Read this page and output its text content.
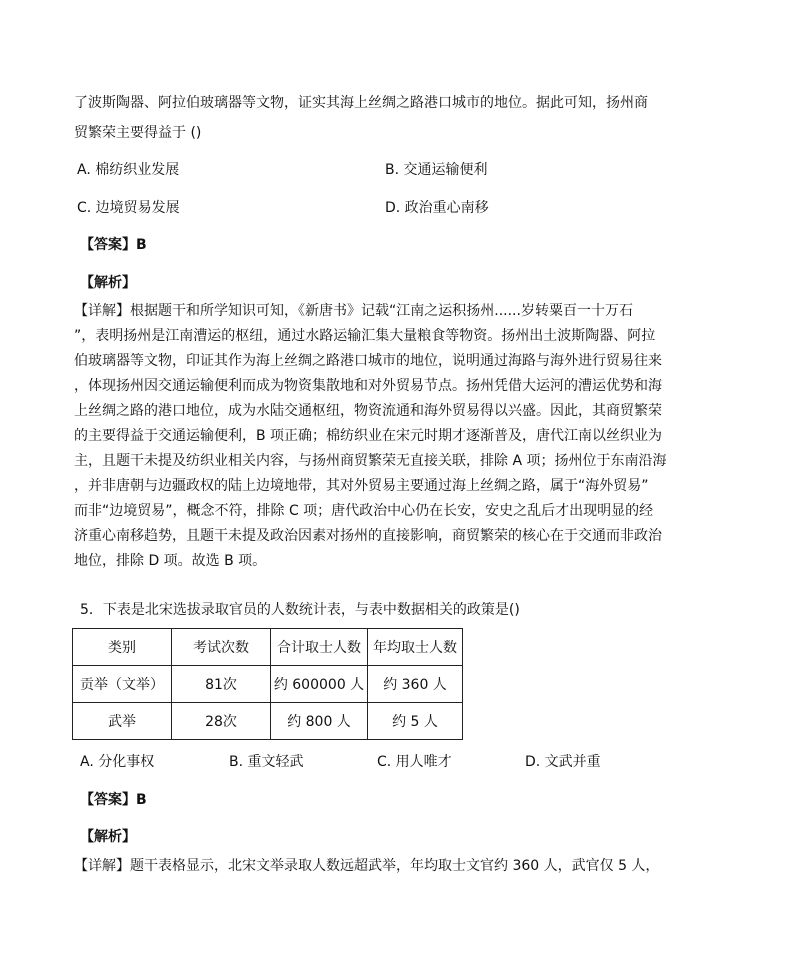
了波斯陶器、阿拉伯玻璃器等文物，证实其海上丝绸之路港口城市的地位。据此可知，扬州商
贸繁荣主要得益于 ()
A. 棉纺织业发展	B. 交通运输便利
C. 边境贸易发展	D. 政治重心南移
【答案】B
【解析】
【详解】根据题干和所学知识可知，《新唐书》记载“江南之运积扬州......岁转粟百一十万石
”，表明扬州是江南漕运的枢纽，通过水路运输汇集大量粮食等物资。扬州出土波斯陶器、阿拉
伯玻璃器等文物，印证其作为海上丝绸之路港口城市的地位，说明通过海路与海外进行贸易往来
，体现扬州因交通运输便利而成为物资集散地和对外贸易节点。扬州凭借大运河的漕运优势和海
上丝绸之路的港口地位，成为水陆交通枢纽，物资流通和海外贸易得以兴盛。因此，其商贸繁荣
的主要得益于交通运输便利，B 项正确；棉纺织业在宋元时期才逐渐普及，唐代江南以丝织业为
主，且题干未提及纺织业相关内容，与扬州商贸繁荣无直接关联，排除 A 项；扬州位于东南沿海
，并非唐朝与边疆政权的陆上边境地带，其对外贸易主要通过海上丝绸之路，属于“海外贸易”
而非“边境贸易”，概念不符，排除 C 项；唐代政治中心仍在长安，安史之乱后才出现明显的经
济重心南移趋势，且题干未提及政治因素对扬州的直接影响，商贸繁荣的核心在于交通而非政治
地位，排除 D 项。故选 B 项。
5．下表是北宋选拔录取官员的人数统计表，与表中数据相关的政策是()
类别	考试次数	合计取士人数	年均取士人数
贡举（文举）	81次	约 600000 人	约 360 人
武举	28次	约 800 人	约 5 人
A. 分化事权	B. 重文轻武	C. 用人唯才	D. 文武并重
【答案】B
【解析】
【详解】题干表格显示，北宋文举录取人数远超武举，年均取士文官约 360 人，武官仅 5 人，
